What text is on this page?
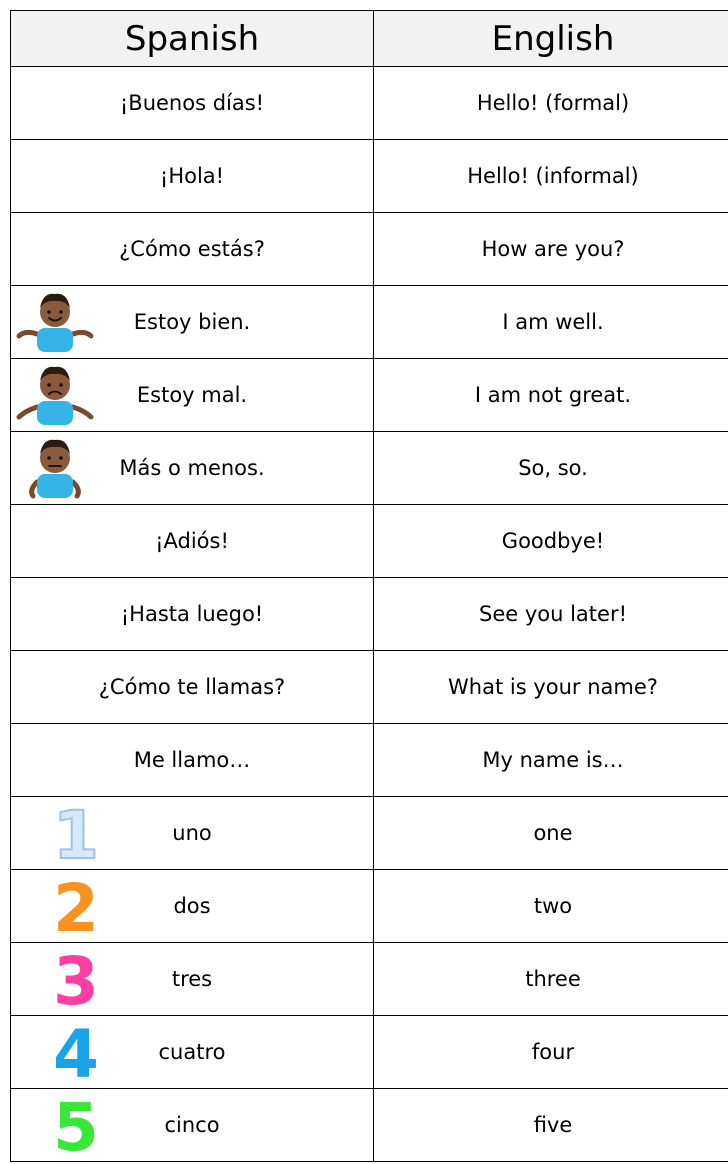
Spanish	English
¡Buenos días!	Hello! (formal)
¡Hola!	Hello! (informal)
¿Cómo estás?	How are you?

Estoy bien.	I am well.

Estoy mal.	I am not great.

Más o menos.	So, so.
¡Adiós!	Goodbye!
¡Hasta luego!	See you later!
¿Cómo te llamas?	What is your name?
Me llamo…	My name is…

1 uno	one

2 dos	two

3 tres	three

4 cuatro	four

5 cinco	five
